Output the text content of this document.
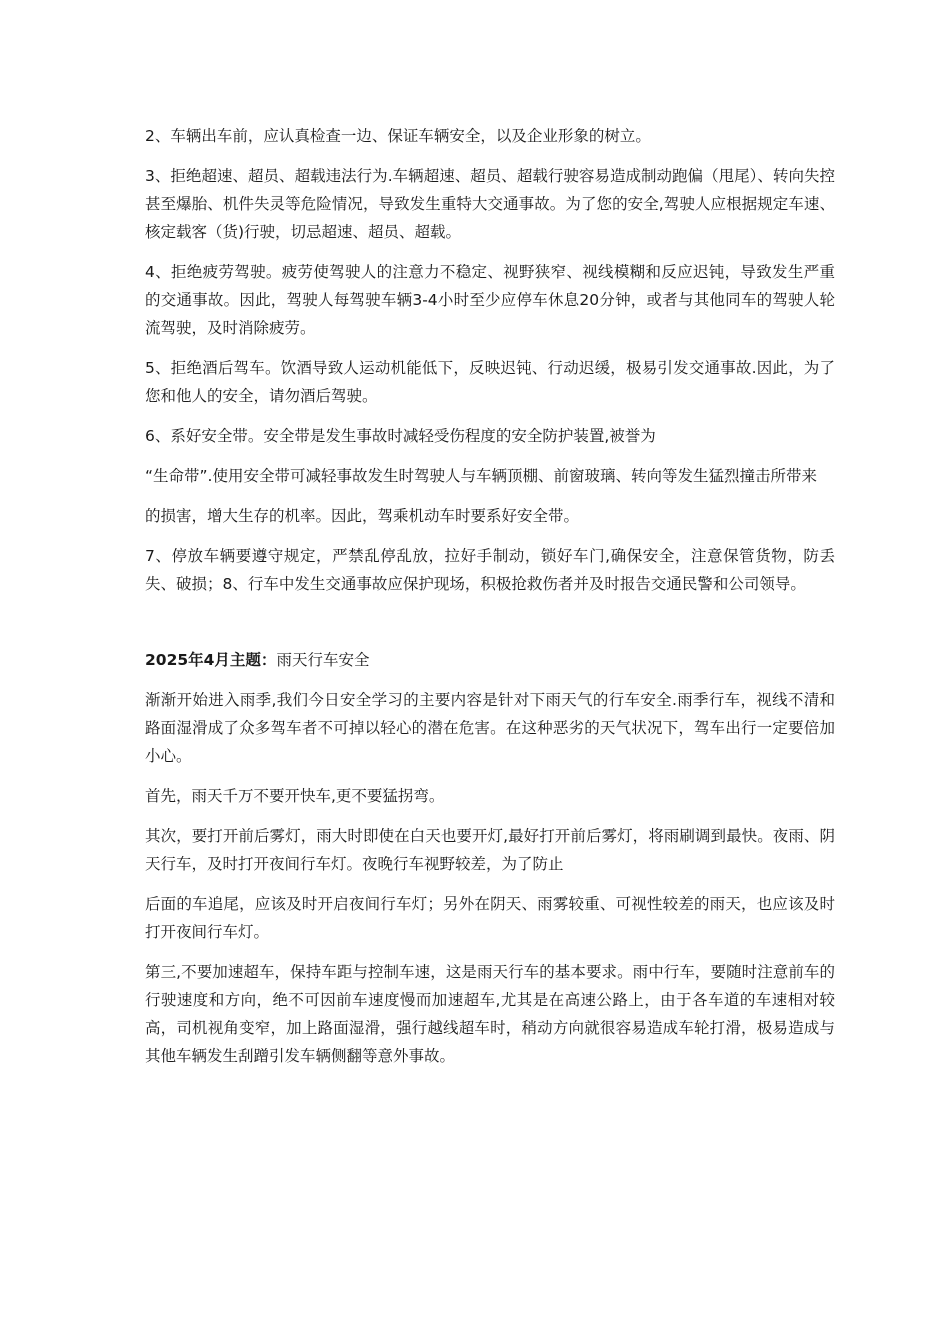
2、车辆出车前，应认真检查一边、保证车辆安全，以及企业形象的树立。

3、拒绝超速、超员、超载违法行为.车辆超速、超员、超载行驶容易造成制动跑偏（甩尾）、转向失控甚至爆胎、机件失灵等危险情况，导致发生重特大交通事故。为了您的安全,驾驶人应根据规定车速、核定载客（货)行驶，切忌超速、超员、超载。

4、拒绝疲劳驾驶。疲劳使驾驶人的注意力不稳定、视野狭窄、视线模糊和反应迟钝，导致发生严重的交通事故。因此，驾驶人每驾驶车辆3-4小时至少应停车休息20分钟，或者与其他同车的驾驶人轮流驾驶，及时消除疲劳。

5、拒绝酒后驾车。饮酒导致人运动机能低下，反映迟钝、行动迟缓，极易引发交通事故.因此，为了您和他人的安全，请勿酒后驾驶。

6、系好安全带。安全带是发生事故时减轻受伤程度的安全防护装置,被誉为

“生命带”.使用安全带可减轻事故发生时驾驶人与车辆顶棚、前窗玻璃、转向等发生猛烈撞击所带来

的损害，增大生存的机率。因此，驾乘机动车时要系好安全带。

7、停放车辆要遵守规定，严禁乱停乱放，拉好手制动，锁好车门,确保安全，注意保管货物，防丢失、破损；8、行车中发生交通事故应保护现场，积极抢救伤者并及时报告交通民警和公司领导。

2025年4月主题：雨天行车安全

渐渐开始进入雨季,我们今日安全学习的主要内容是针对下雨天气的行车安全.雨季行车，视线不清和路面湿滑成了众多驾车者不可掉以轻心的潜在危害。在这种恶劣的天气状况下，驾车出行一定要倍加小心。

首先，雨天千万不要开快车,更不要猛拐弯。

其次，要打开前后雾灯，雨大时即使在白天也要开灯,最好打开前后雾灯，将雨刷调到最快。夜雨、阴天行车，及时打开夜间行车灯。夜晚行车视野较差，为了防止

后面的车追尾，应该及时开启夜间行车灯；另外在阴天、雨雾较重、可视性较差的雨天，也应该及时打开夜间行车灯。

第三,不要加速超车，保持车距与控制车速，这是雨天行车的基本要求。雨中行车，要随时注意前车的行驶速度和方向，绝不可因前车速度慢而加速超车,尤其是在高速公路上，由于各车道的车速相对较高，司机视角变窄，加上路面湿滑，强行越线超车时，稍动方向就很容易造成车轮打滑，极易造成与其他车辆发生刮蹭引发车辆侧翻等意外事故。
